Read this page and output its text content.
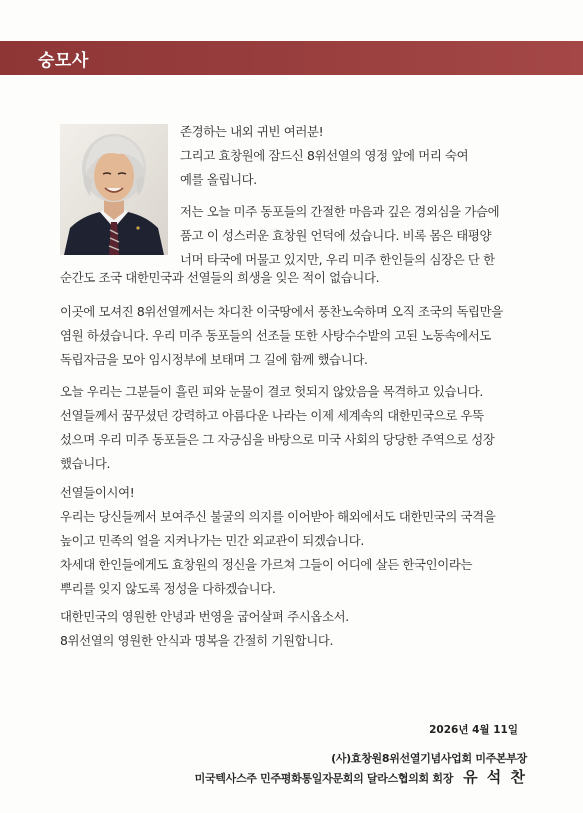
숭모사
존경하는 내외 귀빈 여러분!
그리고 효창원에 잠드신 8위선열의 영정 앞에 머리 숙여
예를 올립니다.
저는 오늘 미주 동포들의 간절한 마음과 깊은 경외심을 가슴에
품고 이 성스러운 효창원 언덕에 섰습니다. 비록 몸은 태평양
너머 타국에 머물고 있지만, 우리 미주 한인들의 심장은 단 한
순간도 조국 대한민국과 선열들의 희생을 잊은 적이 없습니다.
이곳에 모셔진 8위선열께서는 차디찬 이국땅에서 풍찬노숙하며 오직 조국의 독립만을
염원 하셨습니다. 우리 미주 동포들의 선조들 또한 사탕수수밭의 고된 노동속에서도
독립자금을 모아 임시정부에 보태며 그 길에 함께 했습니다.
오늘 우리는 그분들이 흘린 피와 눈물이 결코 헛되지 않았음을 목격하고 있습니다.
선열들께서 꿈꾸셨던 강력하고 아름다운 나라는 이제 세계속의 대한민국으로 우뚝
섰으며 우리 미주 동포들은 그 자긍심을 바탕으로 미국 사회의 당당한 주역으로 성장
했습니다.
선열들이시여!
우리는 당신들께서 보여주신 불굴의 의지를 이어받아 해외에서도 대한민국의 국격을
높이고 민족의 얼을 지켜나가는 민간 외교관이 되겠습니다.
차세대 한인들에게도 효창원의 정신을 가르쳐 그들이 어디에 살든 한국인이라는
뿌리를 잊지 않도록 정성을 다하겠습니다.
대한민국의 영원한 안녕과 번영을 굽어살펴 주시옵소서.
8위선열의 영원한 안식과 명복을 간절히 기원합니다.
2026년 4월 11일
(사)효창원8위선열기념사업회 미주본부장
미국텍사스주 민주평화통일자문회의 달라스협의회 회장 유 석 찬
